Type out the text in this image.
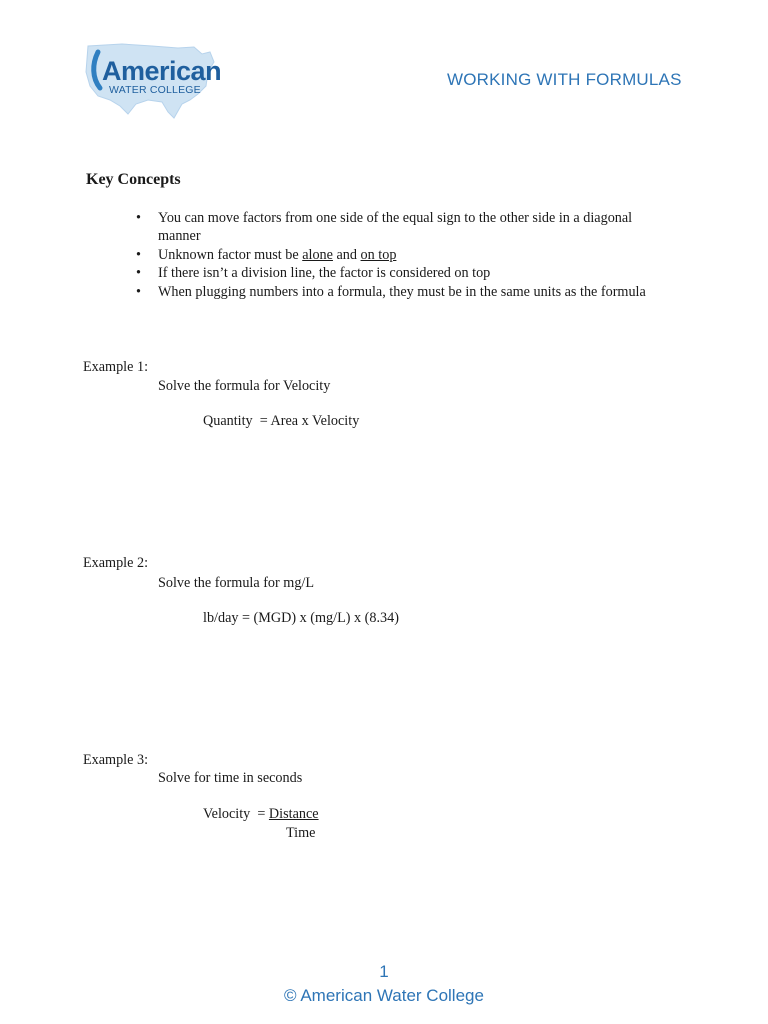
American
WATER COLLEGE
WORKING WITH FORMULAS
Key Concepts
• You can move factors from one side of the equal sign to the other side in a diagonal manner
• Unknown factor must be alone and on top
• If there isn’t a division line, the factor is considered on top
• When plugging numbers into a formula, they must be in the same units as the formula
Example 1:
Solve the formula for Velocity
Quantity  = Area x Velocity
Example 2:
Solve the formula for mg/L
lb/day = (MGD) x (mg/L) x (8.34)
Example 3:
Solve for time in seconds
Velocity  = Distance
Time
1
© American Water College
